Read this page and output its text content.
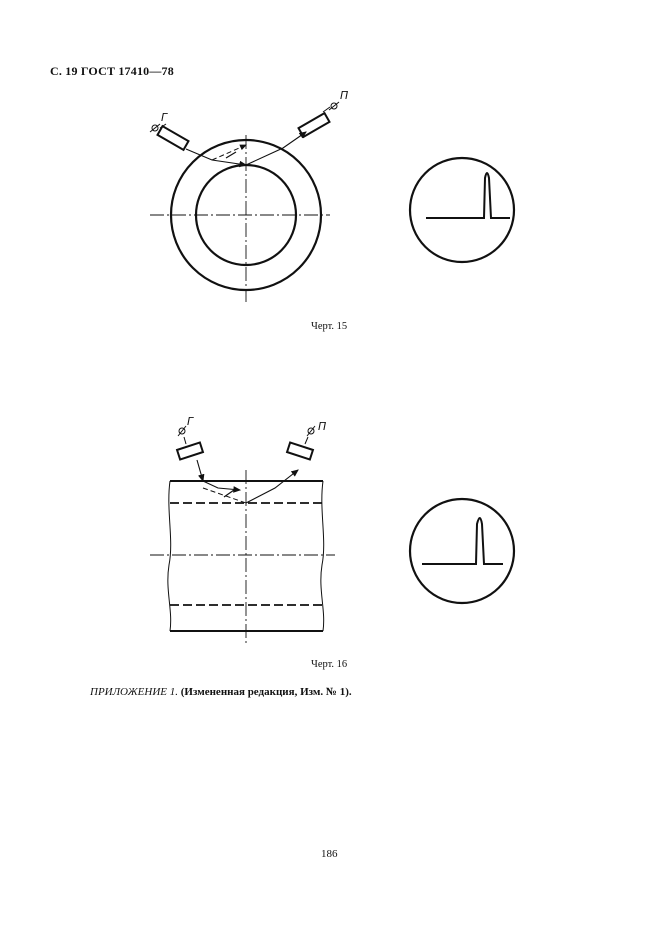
С. 19 ГОСТ 17410—78
Г
П
Г	П
Черт. 15
Черт. 16
ПРИЛОЖЕНИЕ 1. (Измененная редакция, Изм. № 1).
186
